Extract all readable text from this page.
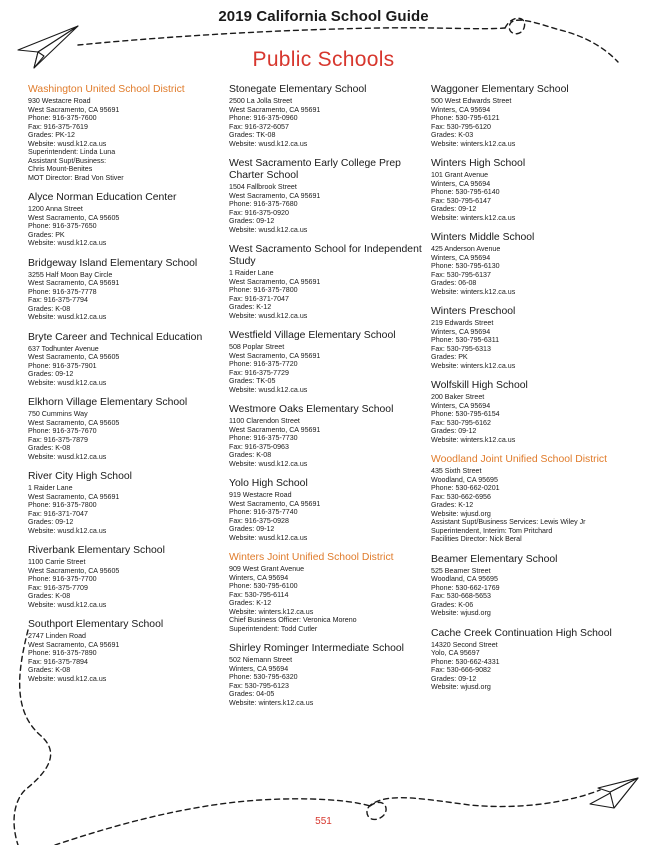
2019 California School Guide
Public Schools
Washington United School District
930 Westacre Road
West Sacramento, CA 95691
Phone: 916-375-7600
Fax: 916-375-7619
Grades: PK-12
Website: wusd.k12.ca.us
Superintendent: Linda Luna
Assistant Supt/Business:
Chris Mount-Benites
MOT Director: Brad Von Stiver
Alyce Norman Education Center
1200 Anna Street
West Sacramento, CA 95605
Phone: 916-375-7650
Grades: PK
Website: wusd.k12.ca.us
Bridgeway Island Elementary School
3255 Half Moon Bay Circle
West Sacramento, CA 95691
Phone: 916-375-7778
Fax: 916-375-7794
Grades: K-08
Website: wusd.k12.ca.us
Bryte Career and Technical Education
637 Todhunter Avenue
West Sacramento, CA 95605
Phone: 916-375-7901
Grades: 09-12
Website: wusd.k12.ca.us
Elkhorn Village Elementary School
750 Cummins Way
West Sacramento, CA 95605
Phone: 916-375-7670
Fax: 916-375-7879
Grades: K-08
Website: wusd.k12.ca.us
River City High School
1 Raider Lane
West Sacramento, CA 95691
Phone: 916-375-7800
Fax: 916-371-7047
Grades: 09-12
Website: wusd.k12.ca.us
Riverbank Elementary School
1100 Carrie Street
West Sacramento, CA 95605
Phone: 916-375-7700
Fax: 916-375-7709
Grades: K-08
Website: wusd.k12.ca.us
Southport Elementary School
2747 Linden Road
West Sacramento, CA 95691
Phone: 916-375-7890
Fax: 916-375-7894
Grades: K-08
Website: wusd.k12.ca.us
Stonegate Elementary School
2500 La Jolla Street
West Sacramento, CA 95691
Phone: 916-375-0960
Fax: 916-372-6057
Grades: TK-08
Website: wusd.k12.ca.us
West Sacramento Early College Prep Charter School
1504 Fallbrook Street
West Sacramento, CA 95691
Phone: 916-375-7680
Fax: 916-375-0920
Grades: 09-12
Website: wusd.k12.ca.us
West Sacramento School for Independent Study
1 Raider Lane
West Sacramento, CA 95691
Phone: 916-375-7800
Fax: 916-371-7047
Grades: K-12
Website: wusd.k12.ca.us
Westfield Village Elementary School
508 Poplar Street
West Sacramento, CA 95691
Phone: 916-375-7720
Fax: 916-375-7729
Grades: TK-05
Website: wusd.k12.ca.us
Westmore Oaks Elementary School
1100 Clarendon Street
West Sacramento, CA 95691
Phone: 916-375-7730
Fax: 916-375-0963
Grades: K-08
Website: wusd.k12.ca.us
Yolo High School
919 Westacre Road
West Sacramento, CA 95691
Phone: 916-375-7740
Fax: 916-375-0928
Grades: 09-12
Website: wusd.k12.ca.us
Winters Joint Unified School District
909 West Grant Avenue
Winters, CA 95694
Phone: 530-795-6100
Fax: 530-795-6114
Grades: K-12
Website: winters.k12.ca.us
Chief Business Officer: Veronica Moreno
Superintendent: Todd Cutler
Shirley Rominger Intermediate School
502 Niemann Street
Winters, CA 95694
Phone: 530-795-6320
Fax: 530-795-6123
Grades: 04-05
Website: winters.k12.ca.us
Waggoner Elementary School
500 West Edwards Street
Winters, CA 95694
Phone: 530-795-6121
Fax: 530-795-6120
Grades: K-03
Website: winters.k12.ca.us
Winters High School
101 Grant Avenue
Winters, CA 95694
Phone: 530-795-6140
Fax: 530-795-6147
Grades: 09-12
Website: winters.k12.ca.us
Winters Middle School
425 Anderson Avenue
Winters, CA 95694
Phone: 530-795-6130
Fax: 530-795-6137
Grades: 06-08
Website: winters.k12.ca.us
Winters Preschool
219 Edwards Street
Winters, CA 95694
Phone: 530-795-6311
Fax: 530-795-6313
Grades: PK
Website: winters.k12.ca.us
Wolfskill High School
200 Baker Street
Winters, CA 95694
Phone: 530-795-6154
Fax: 530-795-6162
Grades: 09-12
Website: winters.k12.ca.us
Woodland Joint Unified School District
435 Sixth Street
Woodland, CA 95695
Phone: 530-662-0201
Fax: 530-662-6956
Grades: K-12
Website: wjusd.org
Assistant Supt/Business Services: Lewis Wiley Jr
Superintendent, Interim: Tom Pritchard
Facilities Director: Nick Beral
Beamer Elementary School
525 Beamer Street
Woodland, CA 95695
Phone: 530-662-1769
Fax: 530-668-5653
Grades: K-06
Website: wjusd.org
Cache Creek Continuation High School
14320 Second Street
Yolo, CA 95697
Phone: 530-662-4331
Fax: 530-666-9082
Grades: 09-12
Website: wjusd.org
551
